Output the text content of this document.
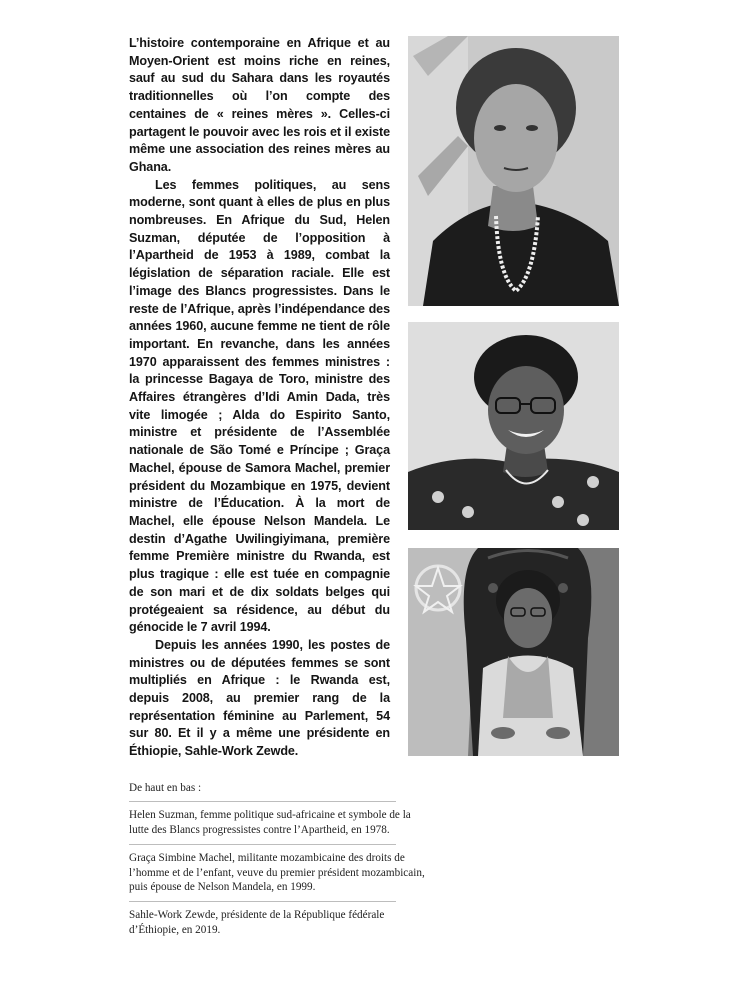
L’histoire contemporaine en Afrique et au Moyen-Orient est moins riche en reines, sauf au sud du Sahara dans les royautés traditionnelles où l’on compte des centaines de « reines mères ». Celles-ci partagent le pouvoir avec les rois et il existe même une association des reines mères au Ghana.

Les femmes politiques, au sens moderne, sont quant à elles de plus en plus nombreuses. En Afrique du Sud, Helen Suzman, députée de l’opposition à l’Apartheid de 1953 à 1989, combat la législation de séparation raciale. Elle est l’image des Blancs progressistes. Dans le reste de l’Afrique, après l’indépendance des années 1960, aucune femme ne tient de rôle important. En revanche, dans les années 1970 apparaissent des femmes ministres : la princesse Bagaya de Toro, ministre des Affaires étrangères d’Idi Amin Dada, très vite limogée ; Alda do Espirito Santo, ministre et présidente de l’Assemblée nationale de São Tomé e Príncipe ; Graça Machel, épouse de Samora Machel, premier président du Mozambique en 1975, devient ministre de l’Éducation. À la mort de Machel, elle épouse Nelson Mandela. Le destin d’Agathe Uwilingiyimana, première femme Première ministre du Rwanda, est plus tragique : elle est tuée en compagnie de son mari et de dix soldats belges qui protégeaient sa résidence, au début du génocide le 7 avril 1994.

Depuis les années 1990, les postes de ministres ou de députées femmes se sont multipliés en Afrique : le Rwanda est, depuis 2008, au premier rang de la représentation féminine au Parlement, 54 sur 80. Et il y a même une présidente en Éthiopie, Sahle-Work Zewde.

De haut en bas :

Helen Suzman, femme politique sud-africaine et symbole de la lutte des Blancs progressistes contre l’Apartheid, en 1978.

Graça Simbine Machel, militante mozambicaine des droits de l’homme et de l’enfant, veuve du premier président mozambicain, puis épouse de Nelson Mandela, en 1999.

Sahle-Work Zewde, présidente de la République fédérale d’Éthiopie, en 2019.
